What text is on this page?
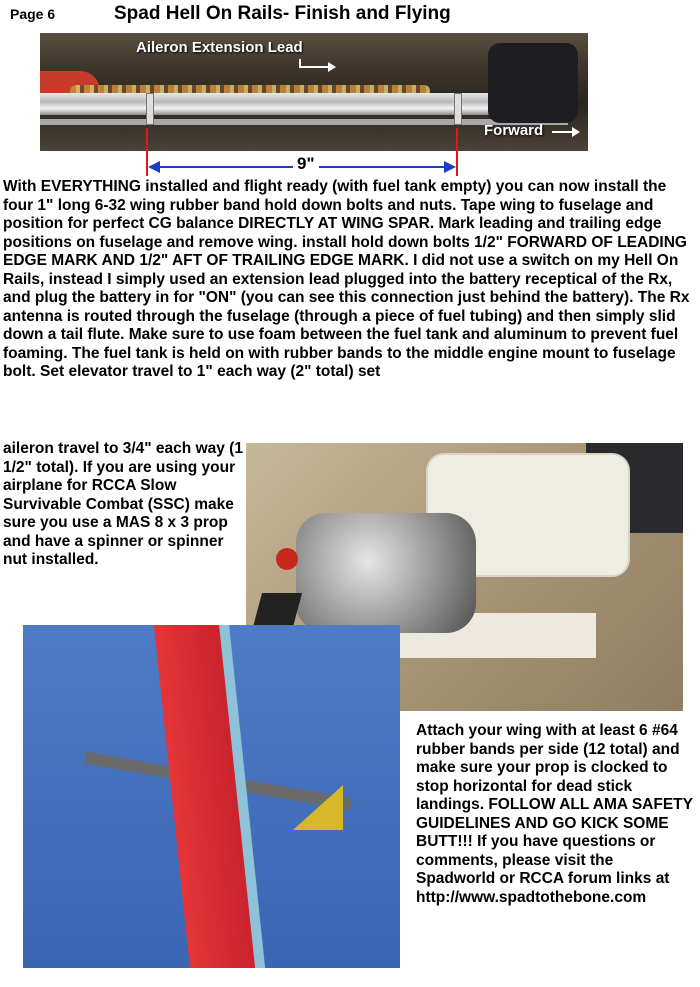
Page 6	Spad Hell On Rails- Finish and Flying
Aileron Extension Lead
Forward
9"

With EVERYTHING installed and flight ready (with fuel tank empty) you can now install the four 1" long 6-32 wing rubber band hold down bolts and nuts. Tape wing to fuselage and position for perfect CG balance DIRECTLY AT WING SPAR. Mark leading and trailing edge positions on fuselage and remove wing. install hold down bolts 1/2" FORWARD OF LEADING EDGE MARK AND 1/2" AFT OF TRAILING EDGE MARK. I did not use a switch on my Hell On Rails, instead I simply used an extension lead plugged into the battery receptical of the Rx, and plug the battery in for "ON" (you can see this connection just behind the battery). The Rx antenna is routed through the fuselage (through a piece of fuel tubing) and then simply slid down a tail flute. Make sure to use foam between the fuel tank and aluminum to prevent fuel foaming. The fuel tank is held on with rubber bands to the middle engine mount to fuselage bolt. Set elevator travel to 1" each way (2" total) set

aileron travel to 3/4" each way (1 1/2" total). If you are using your airplane for RCCA Slow Survivable Combat (SSC) make sure you use a MAS 8 x 3 prop and have a spinner or spinner nut installed.

Attach your wing with at least 6 #64 rubber bands per side (12 total) and make sure your prop is clocked to stop horizontal for dead stick landings. FOLLOW ALL AMA SAFETY GUIDELINES AND GO KICK SOME BUTT!!! If you have questions or comments, please visit the Spadworld or RCCA forum links at http://www.spadtothebone.com
